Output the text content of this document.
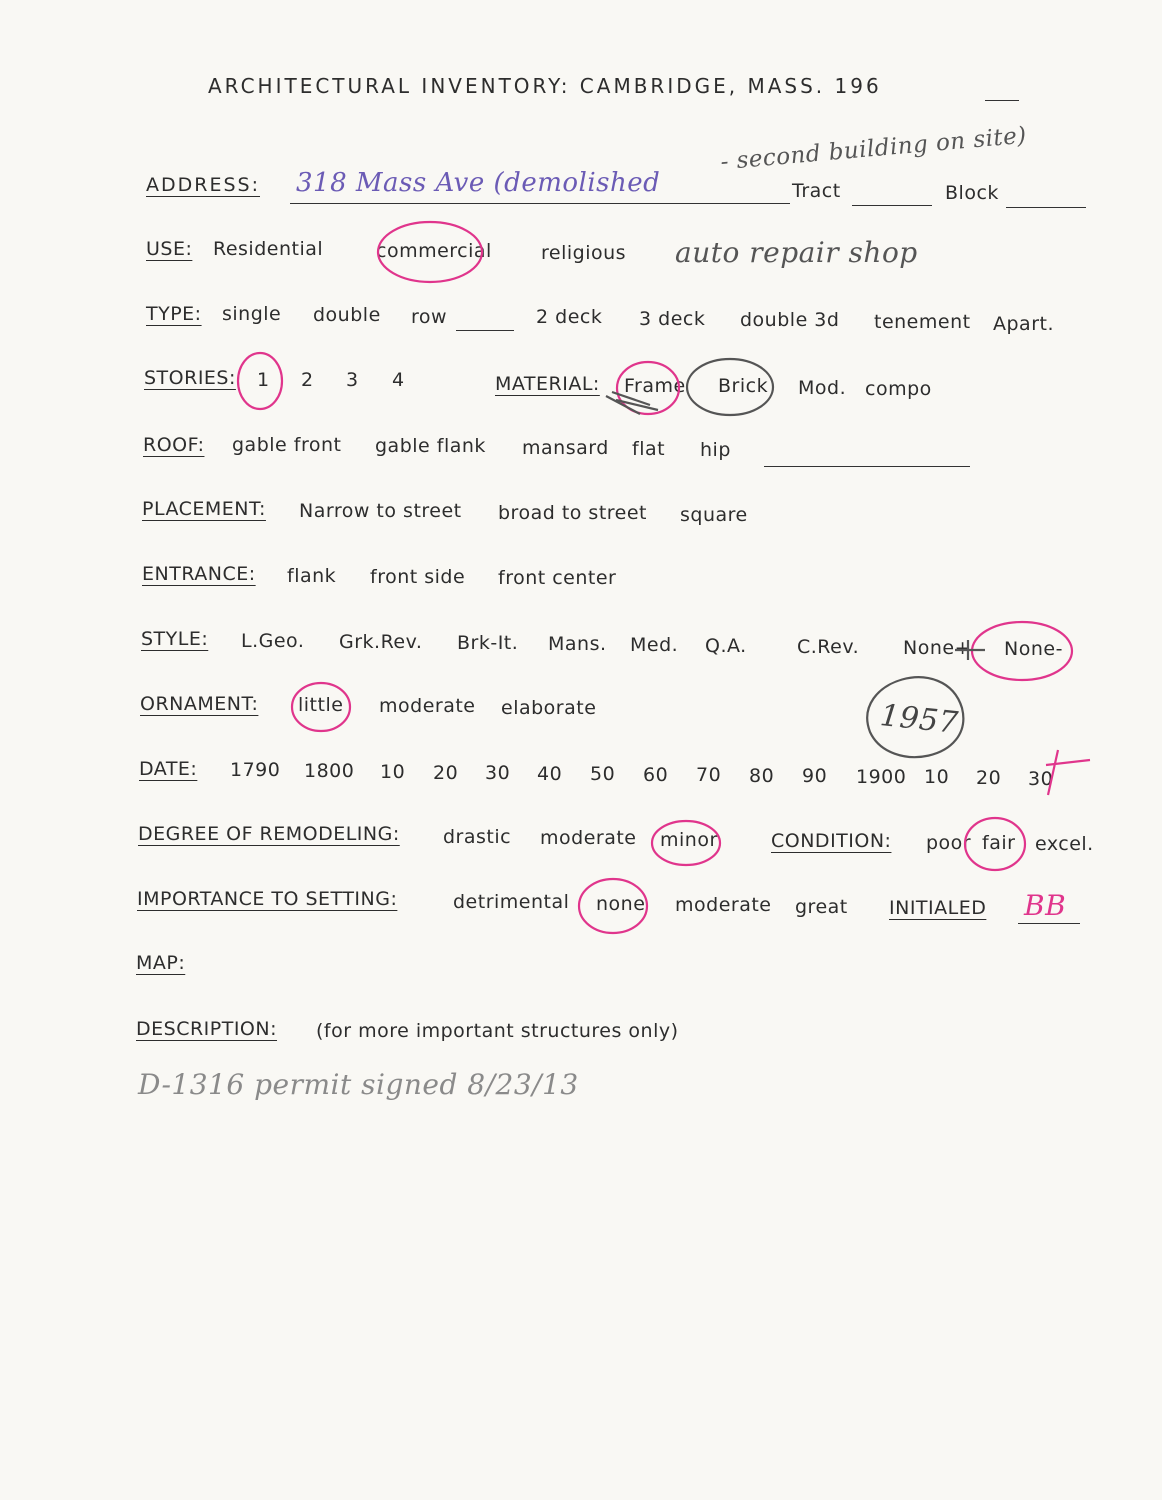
ARCHITECTURAL INVENTORY: CAMBRIDGE, MASS. 196
ADDRESS: 318 Mass Ave (demolished
- second building on site)
Tract	Block
USE: Residential	commercial	religious auto repair shop
TYPE: single double row	2 deck 3 deck double 3d tenement Apart.
STORIES: 1 2 3 4	MATERIAL: Frame Brick Mod. compo
ROOF: gable front gable flank mansard flat hip
PLACEMENT: Narrow to street broad to street square
ENTRANCE: flank front side front center
STYLE: L.Geo. Grk.Rev. Brk-It. Mans. Med. Q.A.	C.Rev. None+ None-
ORNAMENT: little moderate elaborate
DATE: 1790 1800 10 20 30 40 50 60 70 80 90 1900 10 20 30
1957
DEGREE OF REMODELING: drastic moderate minor	CONDITION: poor fair excel.
IMPORTANCE TO SETTING:	detrimental none moderate great INITIALED BB
MAP:
DESCRIPTION: (for more important structures only)
D-1316 permit signed 8/23/13
